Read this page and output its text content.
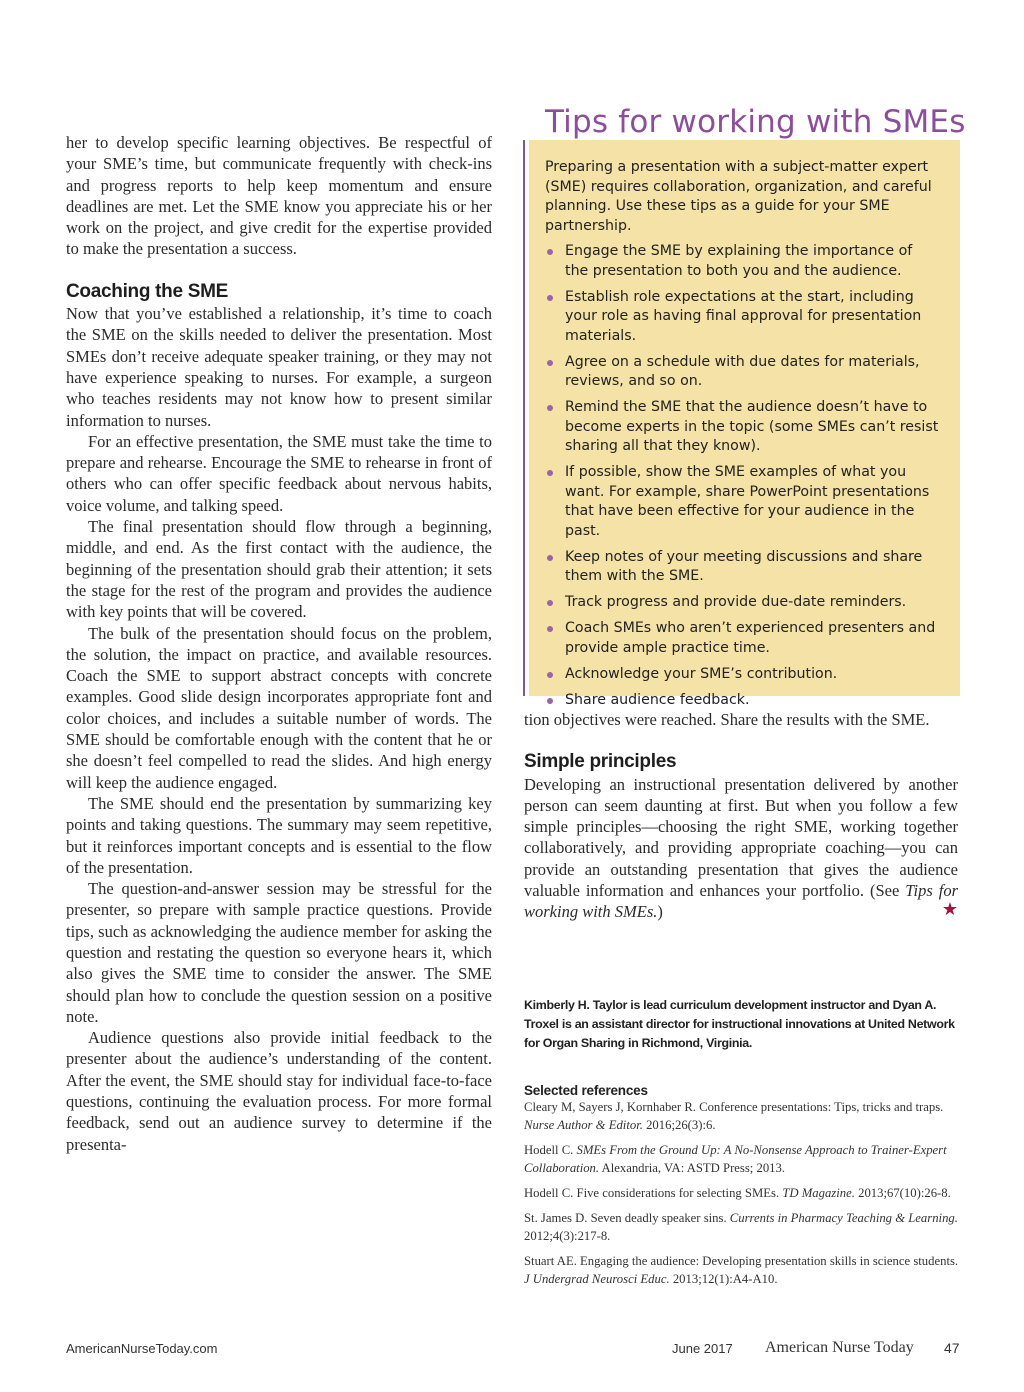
her to develop specific learning objectives. Be respectful of your SME’s time, but communicate frequently with check-ins and progress reports to help keep momentum and ensure deadlines are met. Let the SME know you appreciate his or her work on the project, and give credit for the expertise provided to make the presentation a success.

Coaching the SME

Now that you’ve established a relationship, it’s time to coach the SME on the skills needed to deliver the presentation. Most SMEs don’t receive adequate speaker training, or they may not have experience speaking to nurses. For example, a surgeon who teaches residents may not know how to present similar information to nurses.

For an effective presentation, the SME must take the time to prepare and rehearse. Encourage the SME to rehearse in front of others who can offer specific feedback about nervous habits, voice volume, and talking speed.

The final presentation should flow through a beginning, middle, and end. As the first contact with the audience, the beginning of the presentation should grab their attention; it sets the stage for the rest of the program and provides the audience with key points that will be covered.

The bulk of the presentation should focus on the problem, the solution, the impact on practice, and available resources. Coach the SME to support abstract concepts with concrete examples. Good slide design incorporates appropriate font and color choices, and includes a suitable number of words. The SME should be comfortable enough with the content that he or she doesn’t feel compelled to read the slides. And high energy will keep the audience engaged.

The SME should end the presentation by summarizing key points and taking questions. The summary may seem repetitive, but it reinforces important concepts and is essential to the flow of the presentation.

The question-and-answer session may be stressful for the presenter, so prepare with sample practice questions. Provide tips, such as acknowledging the audience member for asking the question and restating the question so everyone hears it, which also gives the SME time to consider the answer. The SME should plan how to conclude the question session on a positive note.

Audience questions also provide initial feedback to the presenter about the audience’s understanding of the content. After the event, the SME should stay for individual face-to-face questions, continuing the evaluation process. For more formal feedback, send out an audience survey to determine if the presenta-

Tips for working with SMEs

Preparing a presentation with a subject-matter expert (SME) requires collaboration, organization, and careful planning. Use these tips as a guide for your SME partnership.

Engage the SME by explaining the importance of the presentation to both you and the audience.
Establish role expectations at the start, including your role as having final approval for presentation materials.
Agree on a schedule with due dates for materials, reviews, and so on.
Remind the SME that the audience doesn’t have to become experts in the topic (some SMEs can’t resist sharing all that they know).
If possible, show the SME examples of what you want. For example, share PowerPoint presentations that have been effective for your audience in the past.
Keep notes of your meeting discussions and share them with the SME.
Track progress and provide due-date reminders.
Coach SMEs who aren’t experienced presenters and provide ample practice time.
Acknowledge your SME’s contribution.
Share audience feedback.

tion objectives were reached. Share the results with the SME.

Simple principles

Developing an instructional presentation delivered by another person can seem daunting at first. But when you follow a few simple principles—choosing the right SME, working together collaboratively, and providing appropriate coaching—you can provide an outstanding presentation that gives the audience valuable information and enhances your portfolio. (See Tips for working with SMEs.)	★

Kimberly H. Taylor is lead curriculum development instructor and Dyan A. Troxel is an assistant director for instructional innovations at United Network for Organ Sharing in Richmond, Virginia.
Selected references

Cleary M, Sayers J, Kornhaber R. Conference presentations: Tips, tricks and traps. Nurse Author & Editor. 2016;26(3):6.

Hodell C. SMEs From the Ground Up: A No-Nonsense Approach to Trainer-Expert Collaboration. Alexandria, VA: ASTD Press; 2013.

Hodell C. Five considerations for selecting SMEs. TD Magazine. 2013;67(10):26-8.

St. James D. Seven deadly speaker sins. Currents in Pharmacy Teaching & Learning. 2012;4(3):217-8.

Stuart AE. Engaging the audience: Developing presentation skills in science students. J Undergrad Neurosci Educ. 2013;12(1):A4-A10.

AmericanNurseToday.com	June 2017 American Nurse Today 47
